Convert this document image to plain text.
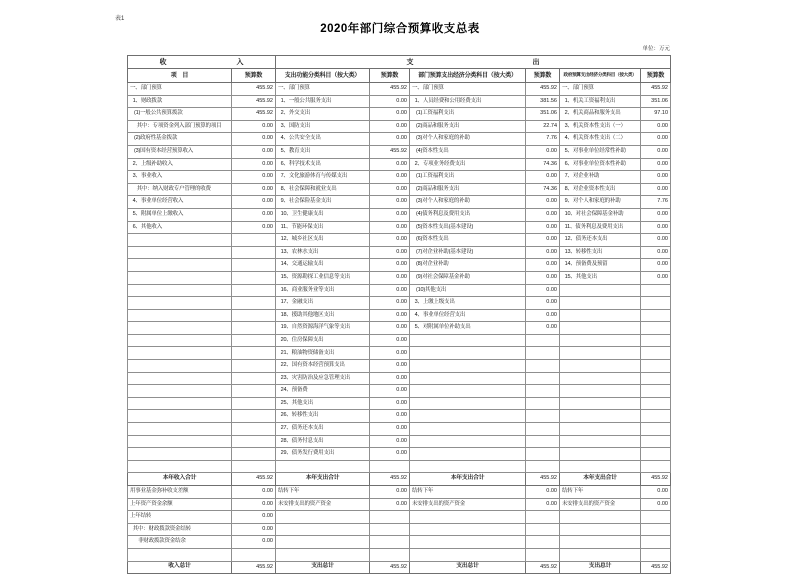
表1
2020年部门综合预算收支总表
单位：万元
收　　　　　　　　　　入		支　　　　　　　　　　　　　　　　　出					
项　目	预算数	支出功能分类科目（按大类）	预算数	部门预算支出经济分类科目（按大类）	预算数	政府预算支出经济分类科目（按大类）	预算数
一、部门预算	455.92	一、部门预算	455.92	一、部门预算	455.92	一、部门预算	455.92
1、财政拨款	455.92	1、一般公共服务支出	0.00	1、人员经费和公用经费支出	381.56	1、机关工资福利支出	351.06
(1)一般公共预算拨款	455.92	2、外交支出	0.00	(1)工资福利支出	351.06	2、机关商品和服务支出	97.10
其中：专项资金列入部门预算的项目	0.00	3、国防支出	0.00	(2)商品和服务支出	22.74	3、机关资本性支出（一）	0.00
(2)政府性基金拨款	0.00	4、公共安全支出	0.00	(3)对个人和家庭的补助	7.76	4、机关资本性支出（二）	0.00
(3)国有资本经营预算收入	0.00	5、教育支出	455.92	(4)资本性支出	0.00	5、对事业单位经常性补助	0.00
2、上级补助收入	0.00	6、科学技术支出	0.00	2、专项业务经费支出	74.36	6、对事业单位资本性补助	0.00
3、事业收入	0.00	7、文化旅游体育与传媒支出	0.00	(1)工资福利支出	0.00	7、对企业补助	0.00
其中：纳入财政专户管理的收费	0.00	8、社会保障和就业支出	0.00	(2)商品和服务支出	74.36	8、对企业资本性支出	0.00
4、事业单位经营收入	0.00	9、社会保险基金支出	0.00	(3)对个人和家庭的补助	0.00	9、对个人和家庭的补助	7.76
5、附属单位上缴收入	0.00	10、卫生健康支出	0.00	(4)债务利息及费用支出	0.00	10、对社会保障基金补助	0.00
6、其他收入	0.00	11、节能环保支出	0.00	(5)资本性支出(基本建设)	0.00	11、债务利息及费用支出	0.00
		12、城乡社区支出	0.00	(6)资本性支出	0.00	12、债务还本支出	0.00
		13、农林水支出	0.00	(7)对企业补助(基本建设)	0.00	13、转移性支出	0.00
		14、交通运输支出	0.00	(8)对企业补助	0.00	14、预备费及预留	0.00
		15、资源勘探工业信息等支出	0.00	(9)对社会保障基金补助	0.00	15、其他支出	0.00
		16、商业服务业等支出	0.00	(10)其他支出	0.00		
		17、金融支出	0.00	3、上缴上级支出	0.00		
		18、援助其他地区支出	0.00	4、事业单位经营支出	0.00		
		19、自然资源海洋气象等支出	0.00	5、对附属单位补助支出	0.00		
		20、住房保障支出	0.00				
		21、粮油物资储备支出	0.00				
		22、国有资本经营预算支出	0.00				
		23、灾害防治及应急管理支出	0.00				
		24、预备费	0.00				
		25、其他支出	0.00				
		26、转移性支出	0.00				
		27、债务还本支出	0.00				
		28、债务付息支出	0.00				
		29、债务发行费用支出	0.00				

本年收入合计	455.92	本年支出合计	455.92	本年支出合计	455.92	本年支出合计	455.92
用事业基金弥补收支差额	0.00	结转下年	0.00	结转下年	0.00	结转下年	0.00
上年资产资金余额	0.00	未安排支出的资产资金	0.00	未安排支出的资产资金	0.00	未安排支出的资产资金	0.00
上年结转	0.00						
其中：财政拨款资金结转	0.00						
非财政拨款资金结余	0.00						

收入总计	455.92	支出总计	455.92	支出总计	455.92	支出总计	455.92
